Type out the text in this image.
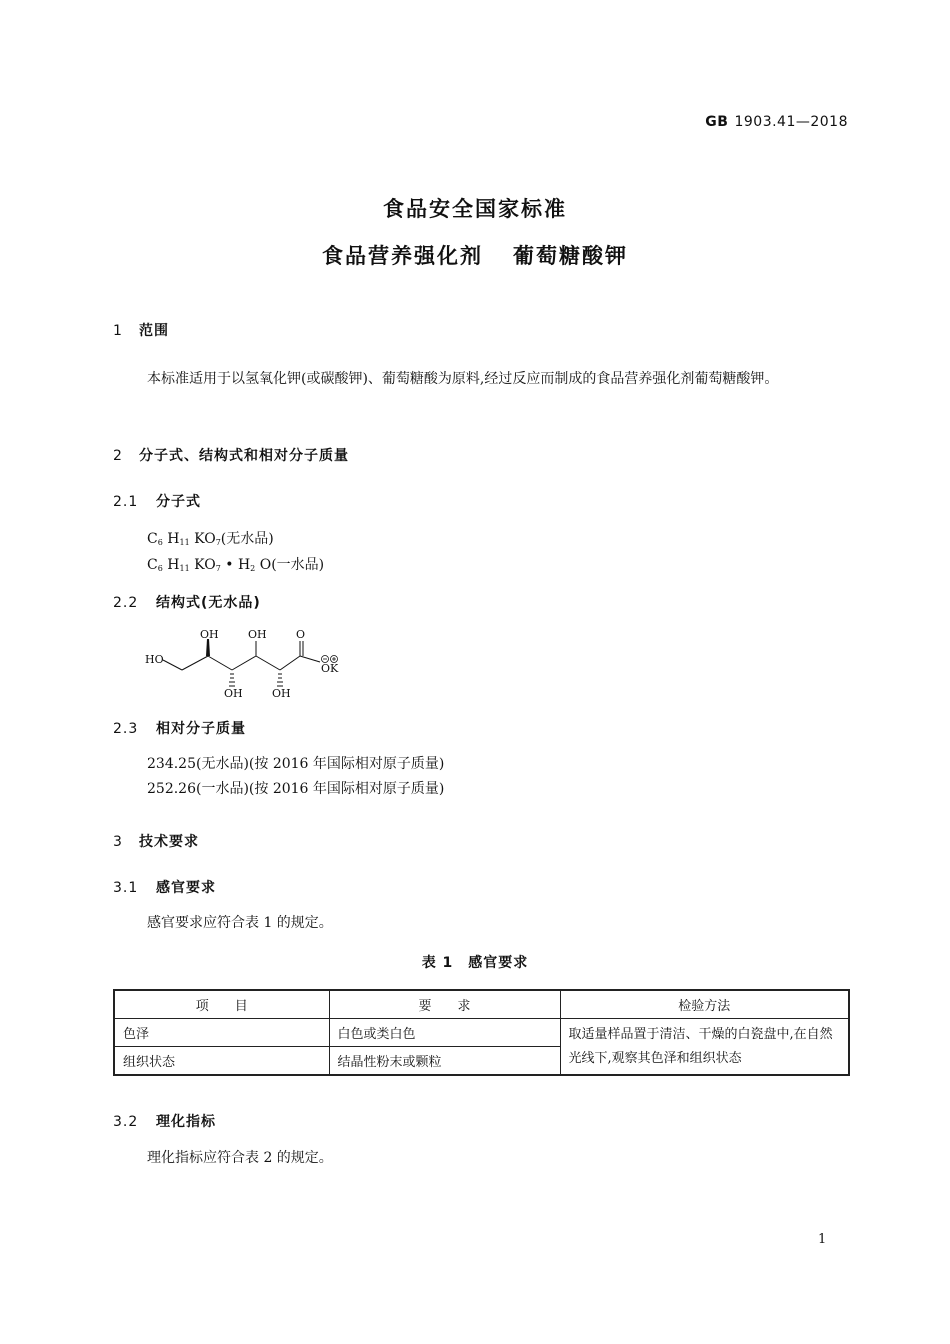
GB 1903.41—2018
食品安全国家标准
食品营养强化剂 葡萄糖酸钾
1 范围
本标准适用于以氢氧化钾(或碳酸钾)、葡萄糖酸为原料,经过反应而制成的食品营养强化剂葡萄糖酸钾。
2 分子式、结构式和相对分子质量
2.1 分子式
$C_6$ $H_{11}$ $KO_7$(无水品)
$C_6$ $H_{11}$ $KO_7$ • $H_2$ O(一水品)
2.2 结构式(无水品)
HO
OH	OH	O
OH	OH
OK
2.3 相对分子质量
234.25(无水品)(按 2016 年国际相对原子质量)
252.26(一水品)(按 2016 年国际相对原子质量)
3 技术要求
3.1 感官要求
感官要求应符合表 1 的规定。
表 1　感官要求
项　　目	要　　求	检验方法
色泽	白色或类白色	取适量样品置于清洁、干燥的白瓷盘中,在自然光线下,观察其色泽和组织状态
组织状态	结晶性粉末或颗粒	
3.2 理化指标
理化指标应符合表 2 的规定。
1
